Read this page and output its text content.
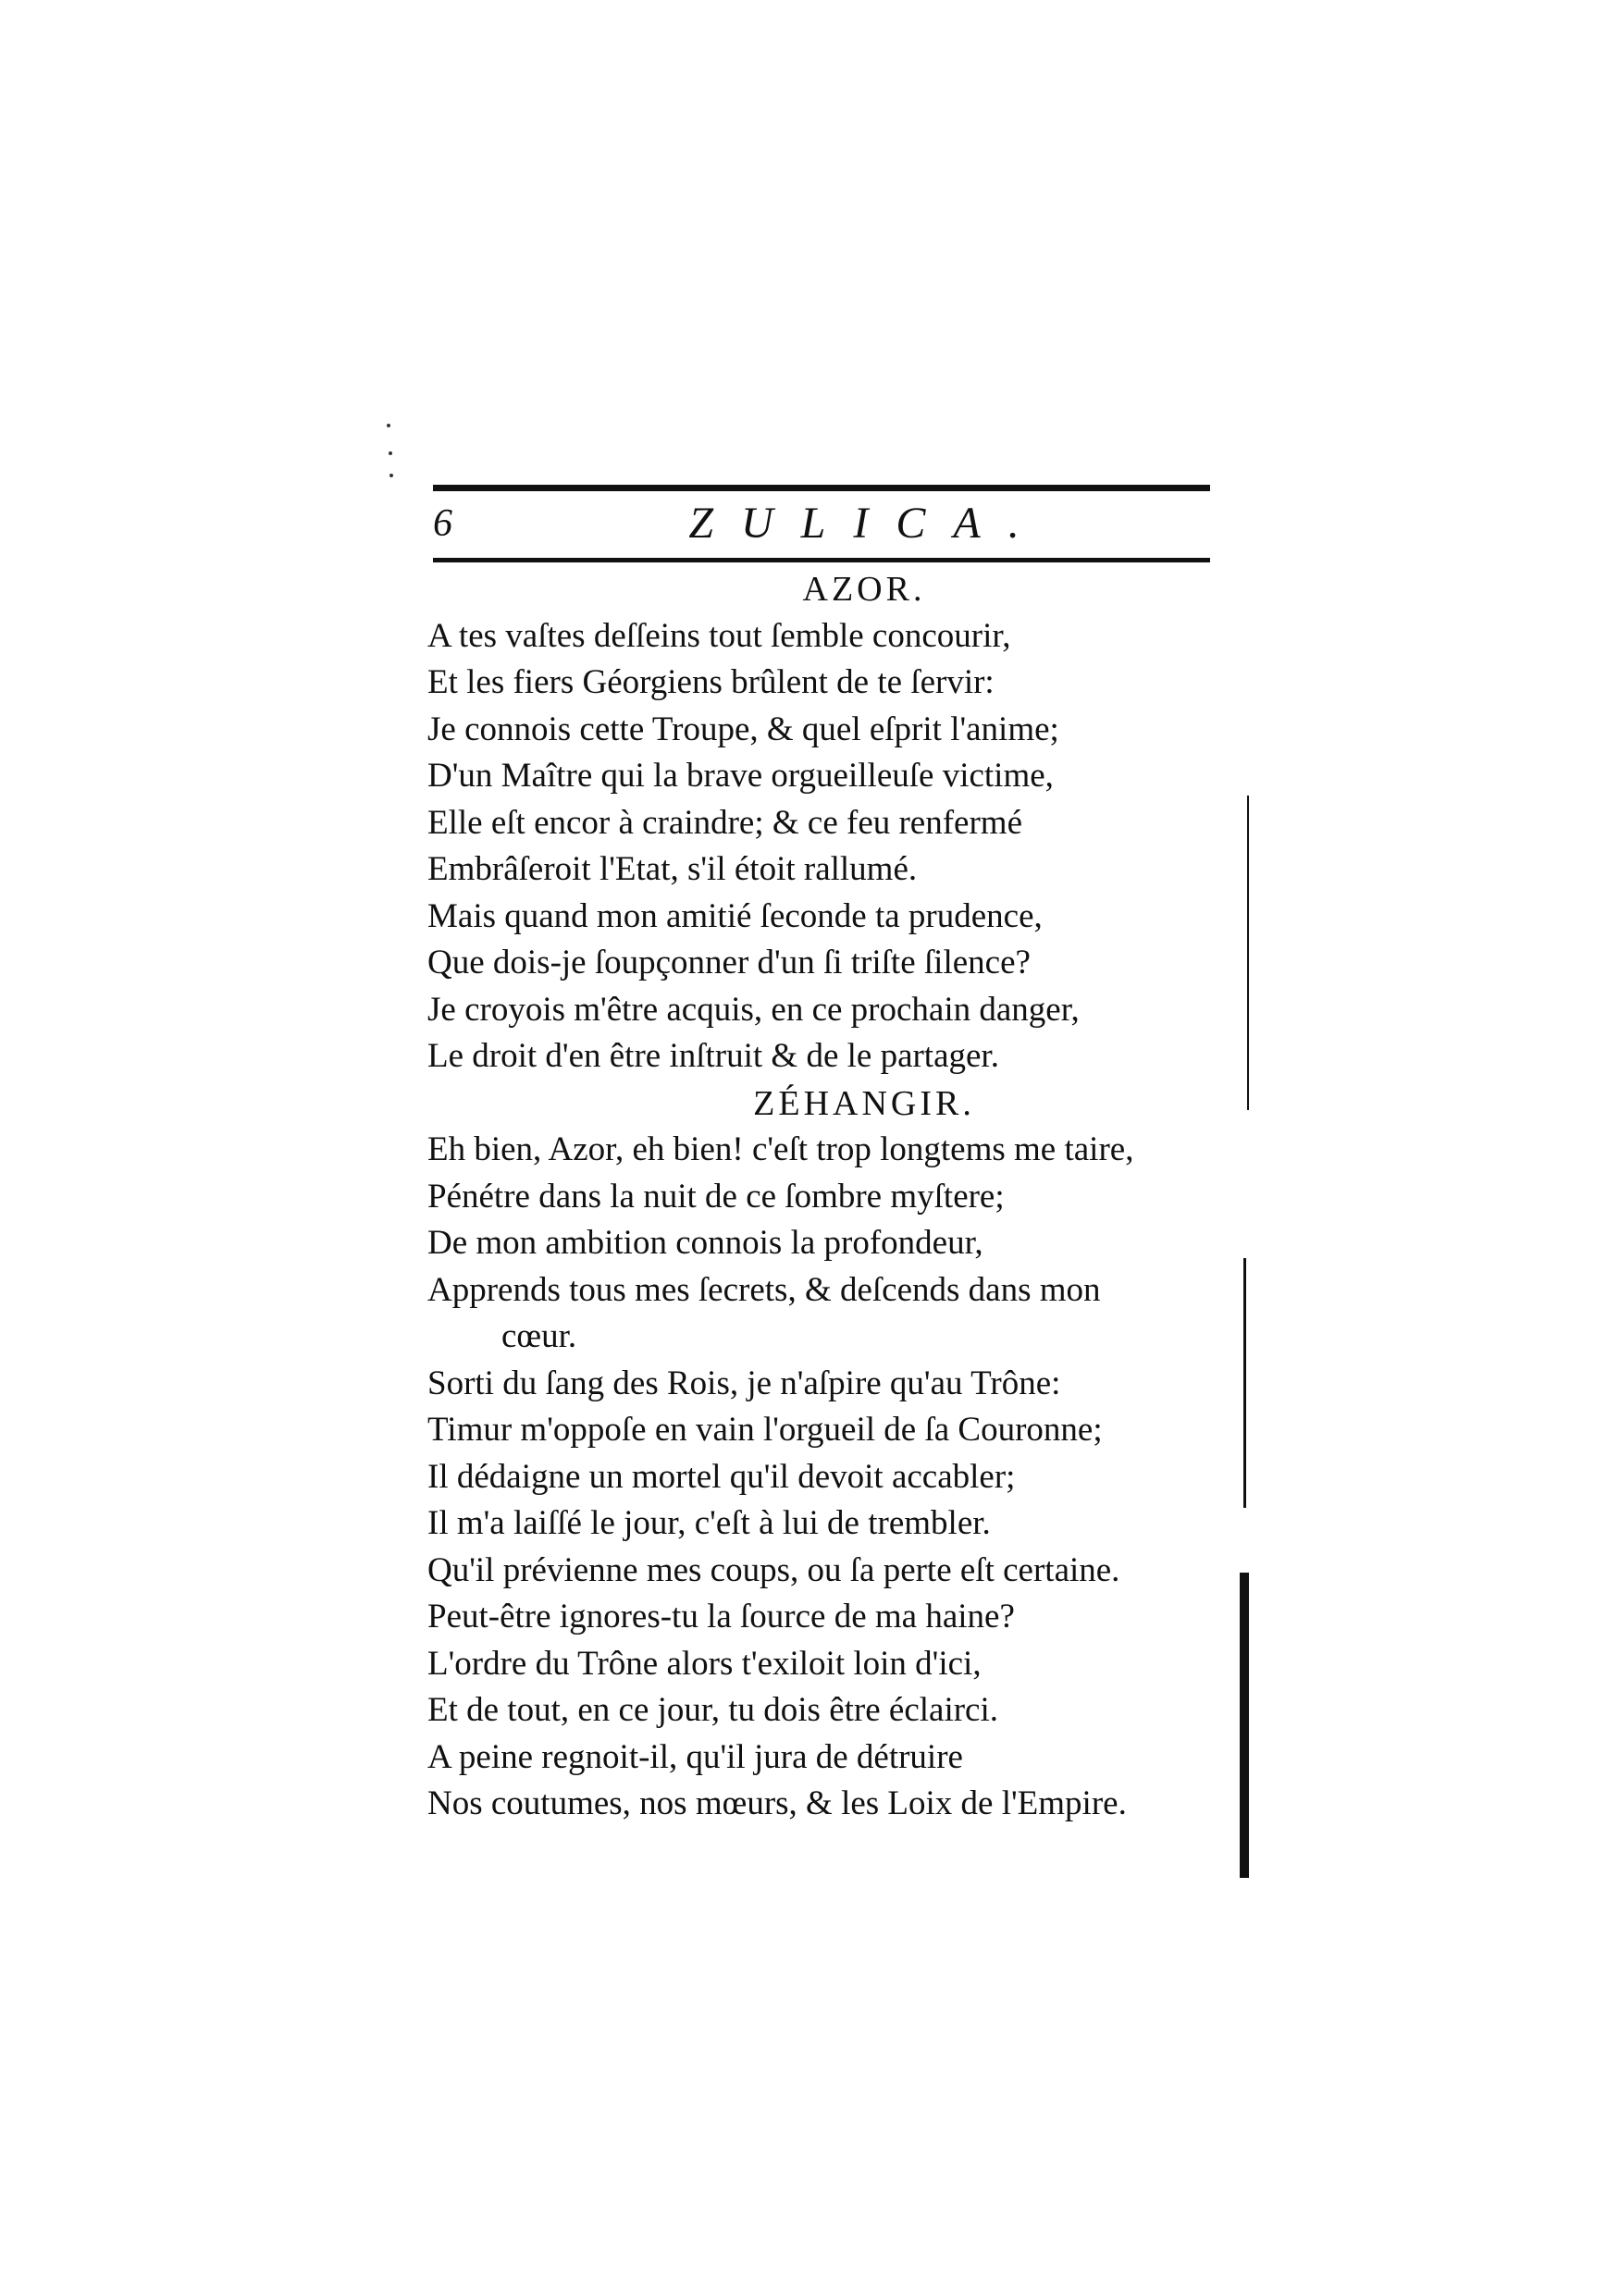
6	ZULICA.
AZOR.
A tes vaſtes deſſeins tout ſemble concourir,
Et les fiers Géorgiens brûlent de te ſervir:
Je connois cette Troupe, & quel eſprit l'anime;
D'un Maître qui la brave orgueilleuſe victime,
Elle eſt encor à craindre; & ce feu renfermé
Embrâſeroit l'Etat, s'il étoit rallumé.
Mais quand mon amitié ſeconde ta prudence,
Que dois-je ſoupçonner d'un ſi triſte ſilence?
Je croyois m'être acquis, en ce prochain danger,
Le droit d'en être inſtruit & de le partager.
ZÉHANGIR.
Eh bien, Azor, eh bien! c'eſt trop longtems me taire,
Pénétre dans la nuit de ce ſombre myſtere;
De mon ambition connois la profondeur,
Apprends tous mes ſecrets, & deſcends dans mon
cœur.
Sorti du ſang des Rois, je n'aſpire qu'au Trône:
Timur m'oppoſe en vain l'orgueil de ſa Couronne;
Il dédaigne un mortel qu'il devoit accabler;
Il m'a laiſſé le jour, c'eſt à lui de trembler.
Qu'il prévienne mes coups, ou ſa perte eſt certaine.
Peut-être ignores-tu la ſource de ma haine?
L'ordre du Trône alors t'exiloit loin d'ici,
Et de tout, en ce jour, tu dois être éclairci.
A peine regnoit-il, qu'il jura de détruire
Nos coutumes, nos mœurs, & les Loix de l'Empire.
